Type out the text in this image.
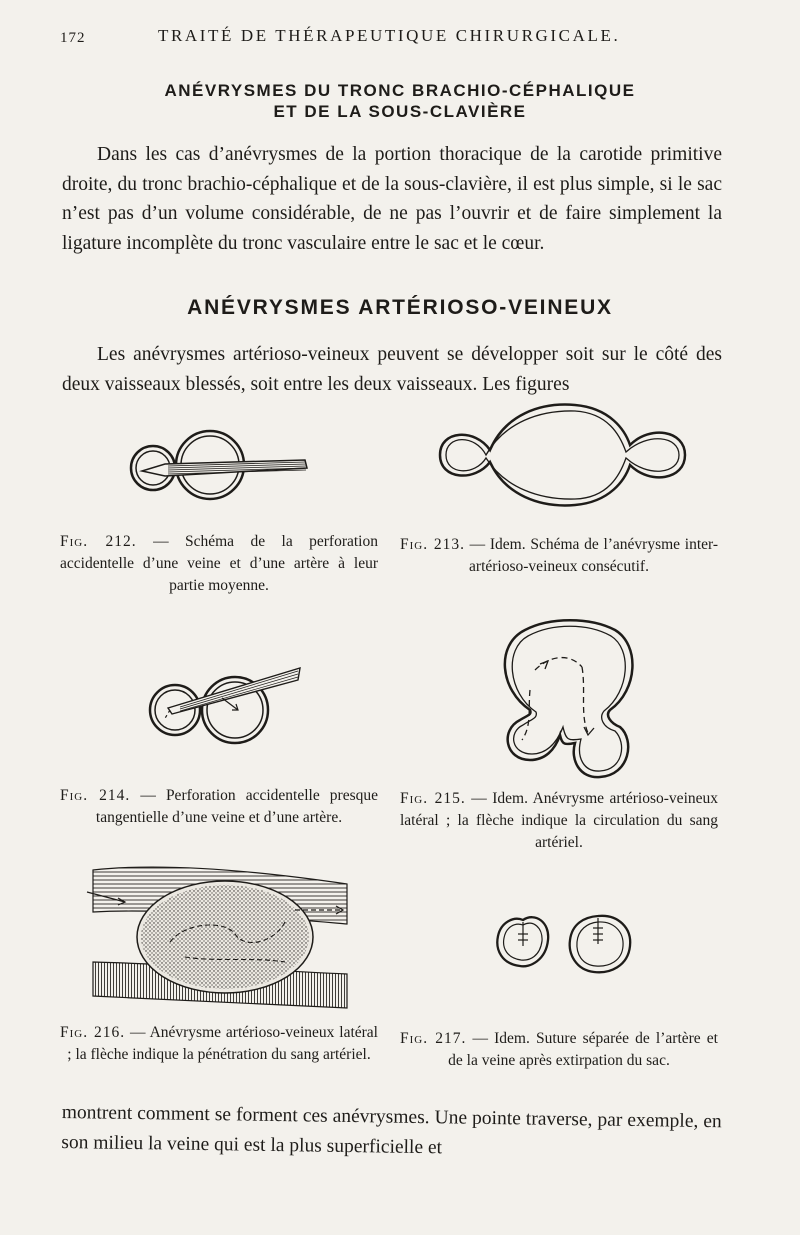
172	TRAITÉ DE THÉRAPEUTIQUE CHIRURGICALE.
ANÉVRYSMES DU TRONC BRACHIO-CÉPHALIQUE
ET DE LA SOUS-CLAVIÈRE
Dans les cas d’anévrysmes de la portion thoracique de la carotide primitive droite, du tronc brachio-céphalique et de la sous-clavière, il est plus simple, si le sac n’est pas d’un volume considérable, de ne pas l’ouvrir et de faire simplement la ligature incomplète du tronc vasculaire entre le sac et le cœur.
ANÉVRYSMES ARTÉRIOSO-VEINEUX
Les anévrysmes artérioso-veineux peuvent se développer soit sur le côté des deux vaisseaux blessés, soit entre les deux vaisseaux. Les figures
Fig. 212. — Schéma de la perforation accidentelle d’une veine et d’une artère à leur partie moyenne.
Fig. 213. — Idem. Schéma de l’anévrysme inter-artérioso-veineux consécutif.
Fig. 214. — Perforation accidentelle presque tangentielle d’une veine et d’une artère.
Fig. 215. — Idem. Anévrysme artérioso-veineux latéral ; la flèche indique la circulation du sang artériel.
Fig. 216. — Anévrysme artérioso-veineux latéral ; la flèche indique la pénétration du sang artériel.
Fig. 217. — Idem. Suture séparée de l’artère et de la veine après extirpation du sac.
montrent comment se forment ces anévrysmes. Une pointe traverse, par exemple, en son milieu la veine qui est la plus superficielle et
